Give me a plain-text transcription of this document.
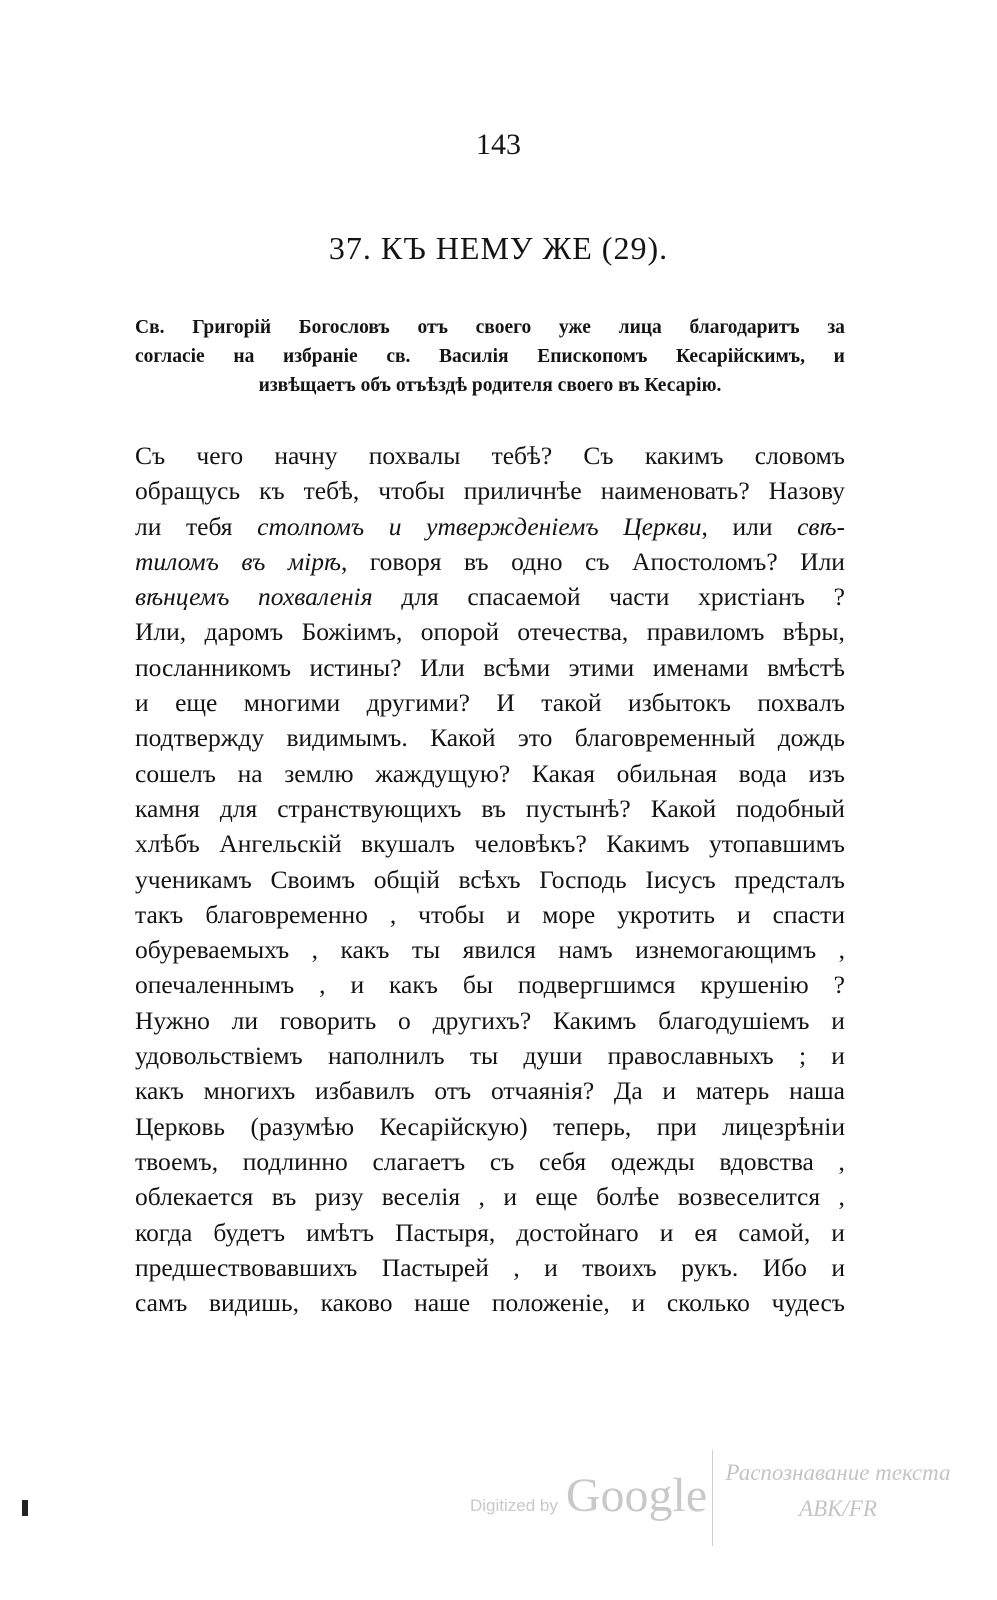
143
37. КЪ НЕМУ ЖЕ (29).
Св. Григорій Богословъ отъ своего уже лица благодаритъ за
согласіе на избраніе св. Василія Епископомъ Кесарійскимъ, и
извѣщаетъ объ отъѣздѣ родителя своего въ Кесарію.
Съ чего начну похвалы тебѣ? Съ какимъ словомъ
обращусь къ тебѣ, чтобы приличнѣе наименовать? Назову
ли тебя столпомъ и утвержденіемъ Церкви, или свѣ-
тиломъ въ мірѣ, говоря въ одно съ Апостоломъ? Или
вѣнцемъ похваленія для спасаемой части христіанъ ?
Или, даромъ Божіимъ, опорой отечества, правиломъ вѣры,
посланникомъ истины? Или всѣми этими именами вмѣстѣ
и еще многими другими? И такой избытокъ похвалъ
подтвержду видимымъ. Какой это благовременный дождь
сошелъ на землю жаждущую? Какая обильная вода изъ
камня для странствующихъ въ пустынѣ? Какой подобный
хлѣбъ Ангельскій вкушалъ человѣкъ? Какимъ утопавшимъ
ученикамъ Своимъ общій всѣхъ Господь Іисусъ предсталъ
такъ благовременно , чтобы и море укротить и спасти
обуреваемыхъ , какъ ты явился намъ изнемогающимъ ,
опечаленнымъ , и какъ бы подвергшимся крушенію ?
Нужно ли говорить о другихъ? Какимъ благодушіемъ и
удовольствіемъ наполнилъ ты души православныхъ ; и
какъ многихъ избавилъ отъ отчаянія? Да и матерь наша
Церковь (разумѣю Кесарійскую) теперь, при лицезрѣніи
твоемъ, подлинно слагаетъ съ себя одежды вдовства ,
облекается въ ризу веселія , и еще болѣе возвеселится ,
когда будетъ имѣтъ Пастыря, достойнаго и ея самой, и
предшествовавшихъ Пастырей , и твоихъ рукъ. Ибо и
самъ видишь, каково наше положеніе, и сколько чудесъ
Digitized by Google Распознавание текста
ABK/FR
